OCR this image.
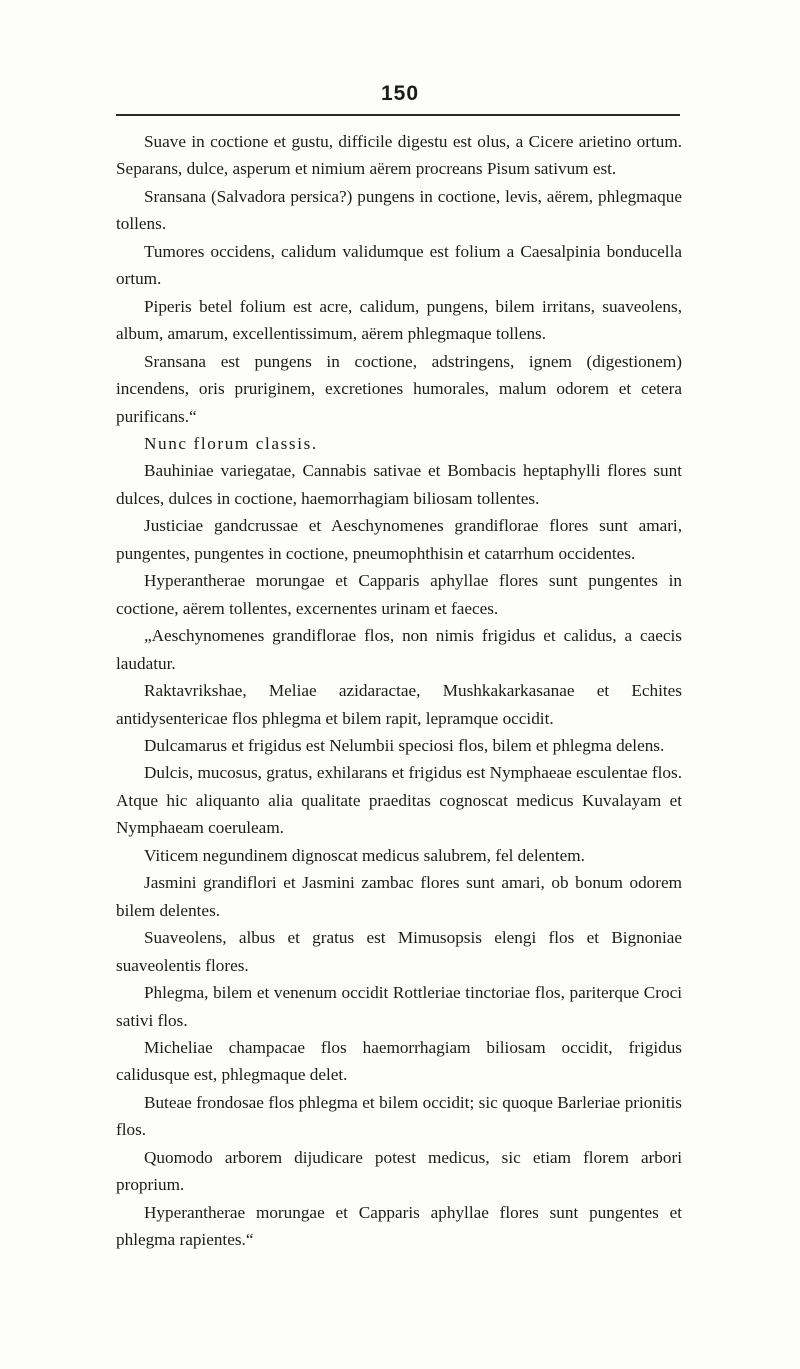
150

Suave in coctione et gustu, difficile digestu est olus, a Cicere arietino ortum. Separans, dulce, asperum et nimium aërem procreans Pisum sativum est.

Sransana (Salvadora persica?) pungens in coctione, levis, aërem, phlegmaque tollens.

Tumores occidens, calidum validumque est folium a Caesalpinia bonducella ortum.

Piperis betel folium est acre, calidum, pungens, bilem irritans, suaveolens, album, amarum, excellentissimum, aërem phlegmaque tollens.

Sransana est pungens in coctione, adstringens, ignem (digestionem) incendens, oris pruriginem, excretiones humorales, malum odorem et cetera purificans.“

Nunc florum classis.

Bauhiniae variegatae, Cannabis sativae et Bombacis heptaphylli flores sunt dulces, dulces in coctione, haemorrhagiam biliosam tollentes.

Justiciae gandcrussae et Aeschynomenes grandiflorae flores sunt amari, pungentes, pungentes in coctione, pneumophthisin et catarrhum occidentes.

Hyperantherae morungae et Capparis aphyllae flores sunt pungentes in coctione, aërem tollentes, excernentes urinam et faeces.

„Aeschynomenes grandiflorae flos, non nimis frigidus et calidus, a caecis laudatur.

Raktavrikshae, Meliae azidaractae, Mushkakarkasanae et Echites antidysentericae flos phlegma et bilem rapit, lepramque occidit.

Dulcamarus et frigidus est Nelumbii speciosi flos, bilem et phlegma delens.

Dulcis, mucosus, gratus, exhilarans et frigidus est Nymphaeae esculentae flos. Atque hic aliquanto alia qualitate praeditas cognoscat medicus Kuvalayam et Nymphaeam coeruleam.

Viticem negundinem dignoscat medicus salubrem, fel delentem.

Jasmini grandiflori et Jasmini zambac flores sunt amari, ob bonum odorem bilem delentes.

Suaveolens, albus et gratus est Mimusopsis elengi flos et Bignoniae suaveolentis flores.

Phlegma, bilem et venenum occidit Rottleriae tinctoriae flos, pariterque Croci sativi flos.

Micheliae champacae flos haemorrhagiam biliosam occidit, frigidus calidusque est, phlegmaque delet.

Buteae frondosae flos phlegma et bilem occidit; sic quoque Barleriae prionitis flos.

Quomodo arborem dijudicare potest medicus, sic etiam florem arbori proprium.

Hyperantherae morungae et Capparis aphyllae flores sunt pungentes et phlegma rapientes.“
